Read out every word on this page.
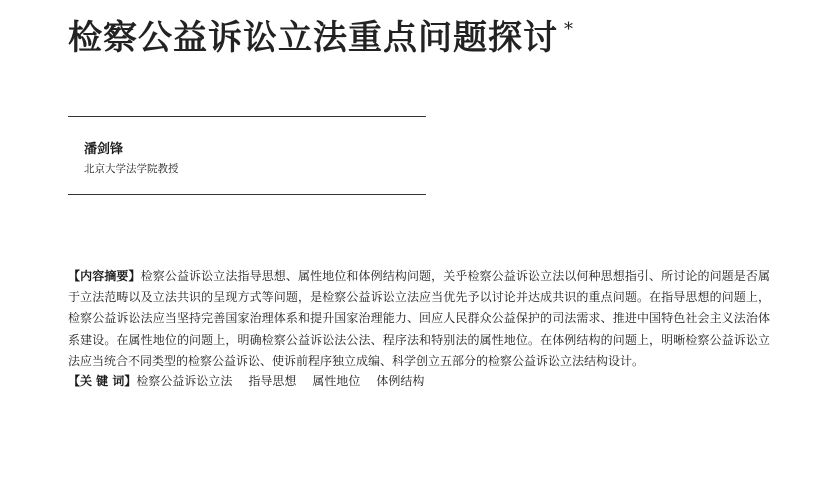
检察公益诉讼立法重点问题探讨 *
潘剑锋
北京大学法学院教授
【内容摘要】检察公益诉讼立法指导思想、属性地位和体例结构问题，关乎检察公益诉讼立法以何种思想指引、所讨论的问题是否属于立法范畴以及立法共识的呈现方式等问题，是检察公益诉讼立法应当优先予以讨论并达成共识的重点问题。在指导思想的问题上，检察公益诉讼法应当坚持完善国家治理体系和提升国家治理能力、回应人民群众公益保护的司法需求、推进中国特色社会主义法治体系建设。在属性地位的问题上，明确检察公益诉讼法公法、程序法和特别法的属性地位。在体例结构的问题上，明晰检察公益诉讼立法应当统合不同类型的检察公益诉讼、使诉前程序独立成编、科学创立五部分的检察公益诉讼立法结构设计。
【关 键 词】检察公益诉讼立法 指导思想 属性地位 体例结构
